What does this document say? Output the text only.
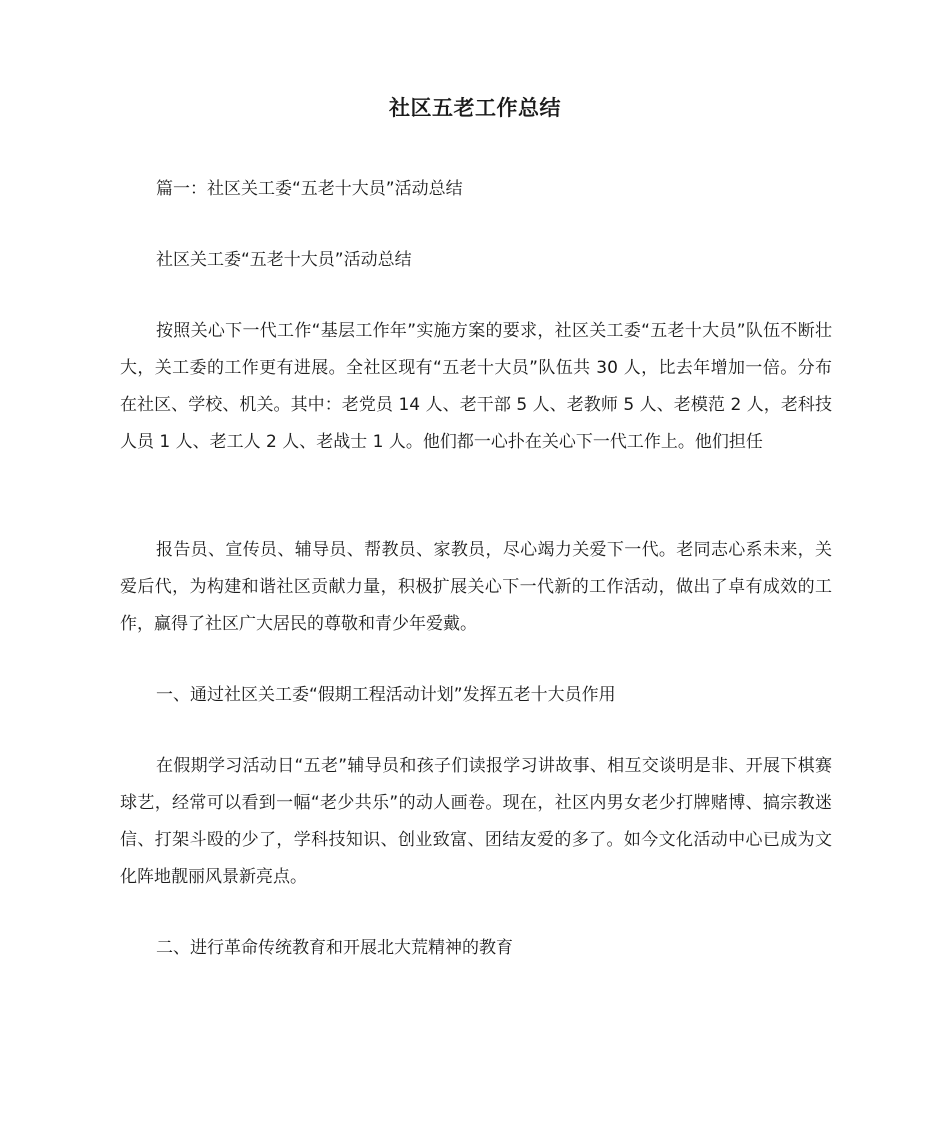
社区五老工作总结

篇一：社区关工委“五老十大员”活动总结

社区关工委“五老十大员”活动总结

按照关心下一代工作“基层工作年”实施方案的要求，社区关工委“五老十大员”队伍不断壮大，关工委的工作更有进展。全社区现有“五老十大员”队伍共 30 人，比去年增加一倍。分布在社区、学校、机关。其中：老党员 14 人、老干部 5 人、老教师 5 人、老模范 2 人，老科技人员 1 人、老工人 2 人、老战士 1 人。他们都一心扑在关心下一代工作上。他们担任

报告员、宣传员、辅导员、帮教员、家教员，尽心竭力关爱下一代。老同志心系未来，关爱后代，为构建和谐社区贡献力量，积极扩展关心下一代新的工作活动，做出了卓有成效的工作，赢得了社区广大居民的尊敬和青少年爱戴。

一、通过社区关工委“假期工程活动计划”发挥五老十大员作用

在假期学习活动日“五老”辅导员和孩子们读报学习讲故事、相互交谈明是非、开展下棋赛球艺，经常可以看到一幅“老少共乐”的动人画卷。现在，社区内男女老少打牌赌博、搞宗教迷信、打架斗殴的少了，学科技知识、创业致富、团结友爱的多了。如今文化活动中心已成为文化阵地靓丽风景新亮点。

二、进行革命传统教育和开展北大荒精神的教育
